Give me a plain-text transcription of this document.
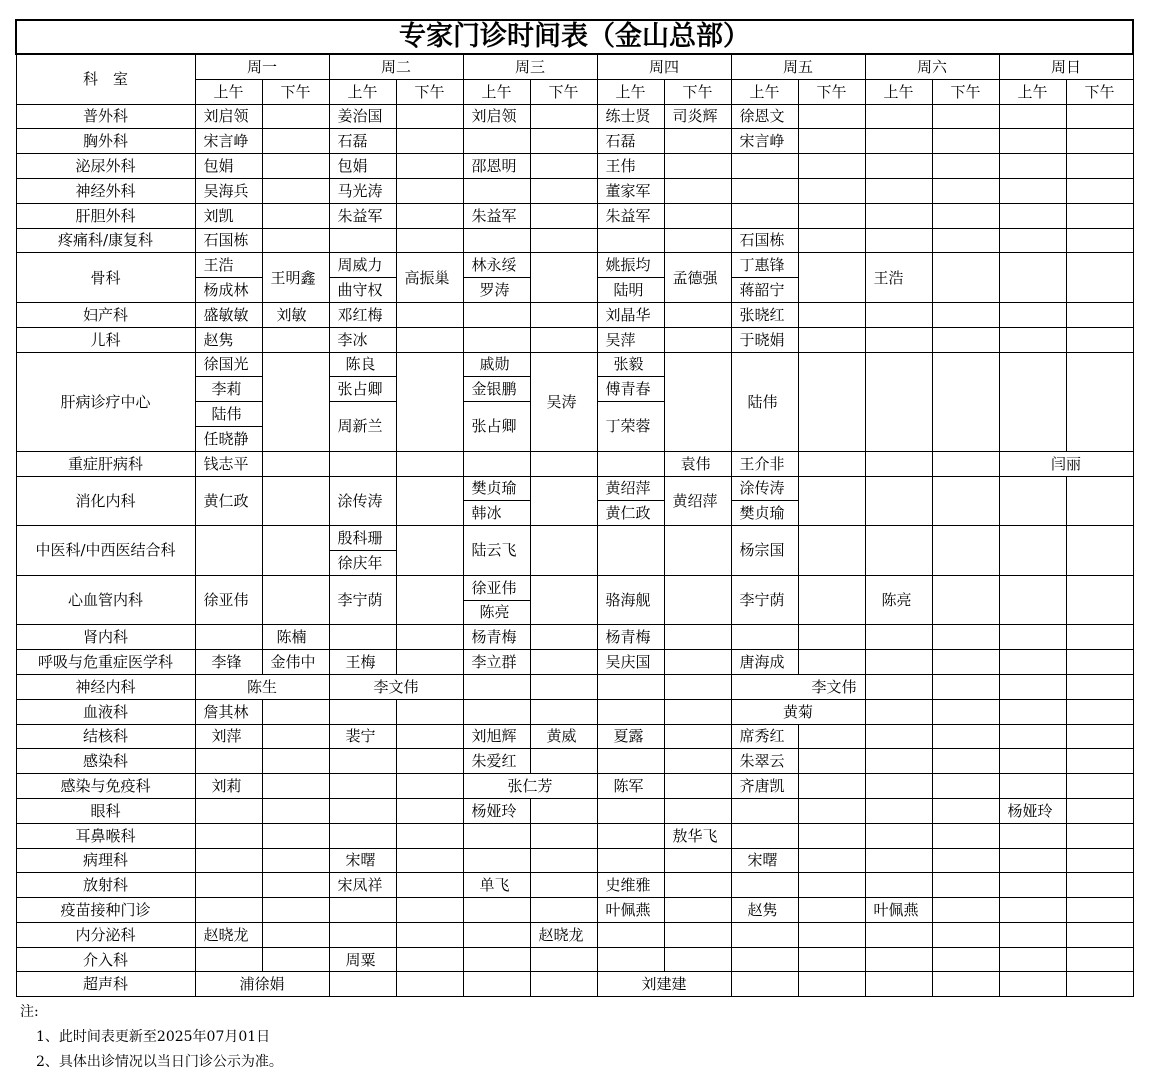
专家门诊时间表（金山总部）														
科　室	周一		周二		周三		周四		周五		周六		周日	
	上午	下午	上午	下午	上午	下午	上午	下午	上午	下午	上午	下午	上午	下午
普外科	刘启领		姜治国		刘启领		练士贤	司炎辉	徐恩文					
胸外科	宋言峥		石磊				石磊		宋言峥					
泌尿外科	包娟		包娟		邵恩明		王伟							
神经外科	吴海兵		马光涛				董家军							
肝胆外科	刘凯		朱益军		朱益军		朱益军							
疼痛科/康复科	石国栋								石国栋					
骨科	王浩	王明鑫	周威力	高振巢	林永绥		姚振均	孟德强	丁惠锋		王浩			
	杨成林		曲守权		罗涛		陆明		蒋韶宁					
妇产科	盛敏敏	刘敏	邓红梅				刘晶华		张晓红					
儿科	赵隽		李冰				吴萍		于晓娟					
肝病诊疗中心	徐国光		陈良		戚勋	吴涛	张毅		陆伟					
	李莉		张占卿		金银鹏		傅青春							
	陆伟		周新兰		张占卿		丁荣蓉							
	任晓静													
重症肝病科	钱志平							袁伟	王介非				闫丽	
消化内科	黄仁政		涂传涛		樊贞瑜		黄绍萍	黄绍萍	涂传涛					
					韩冰		黄仁政		樊贞瑜					
中医科/中西医结合科			殷科珊		陆云飞				杨宗国					
			徐庆年											
心血管内科	徐亚伟		李宁荫		徐亚伟		骆海舰		李宁荫		陈亮			
					陈亮									
肾内科		陈楠			杨青梅		杨青梅							
呼吸与危重症医学科	李锋	金伟中	王梅		李立群		吴庆国		唐海成					
神经内科	陈生		李文伟						李文伟					
血液科	詹其林								黄菊					
结核科	刘萍		裴宁		刘旭辉	黄威	夏露		席秀红					
感染科					朱爱红				朱翠云					
感染与免疫科	刘莉				张仁芳		陈军		齐唐凯					
眼科					杨娅玲								杨娅玲	
耳鼻喉科								敖华飞						
病理科			宋曙						宋曙					
放射科			宋凤祥		单飞		史维雅							
疫苗接种门诊							叶佩燕		赵隽		叶佩燕			
内分泌科	赵晓龙					赵晓龙								
介入科			周粟											
超声科	浦徐娟						刘建建							
注:
1、此时间表更新至2025年07月01日
2、具体出诊情况以当日门诊公示为准。
